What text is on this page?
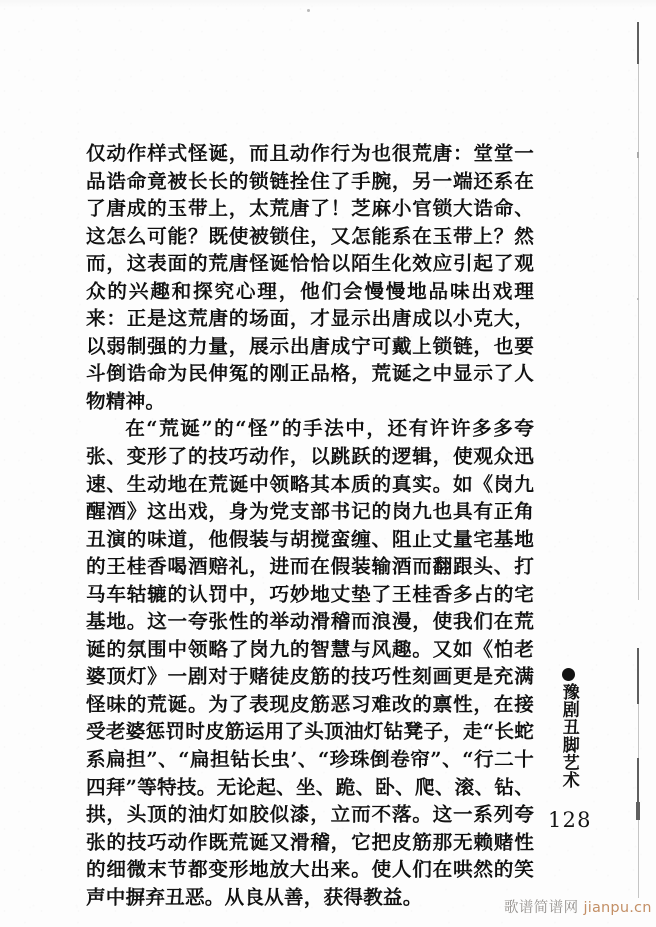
仅动作样式怪诞，而且动作行为也很荒唐：堂堂一品诰命竟被长长的锁链拴住了手腕，另一端还系在了唐成的玉带上，太荒唐了！芝麻小官锁大诰命、这怎么可能？既使被锁住，又怎能系在玉带上？然而，这表面的荒唐怪诞恰恰以陌生化效应引起了观众的兴趣和探究心理，他们会慢慢地品味出戏理来：正是这荒唐的场面，才显示出唐成以小克大，以弱制强的力量，展示出唐成宁可戴上锁链，也要斗倒诰命为民伸冤的刚正品格，荒诞之中显示了人物精神。

在“荒诞”的“怪”的手法中，还有许许多多夸张、变形了的技巧动作，以跳跃的逻辑，使观众迅速、生动地在荒诞中领略其本质的真实。如《岗九醒酒》这出戏，身为党支部书记的岗九也具有正角丑演的味道，他假装与胡搅蛮缠、阻止丈量宅基地的王桂香喝酒赔礼，进而在假装输酒而翻跟头、打马车轱辘的认罚中，巧妙地丈垫了王桂香多占的宅基地。这一夸张性的举动滑稽而浪漫，使我们在荒诞的氛围中领略了岗九的智慧与风趣。又如《怕老婆顶灯》一剧对于赌徒皮筋的技巧性刻画更是充满怪味的荒诞。为了表现皮筋恶习难改的禀性，在接受老婆惩罚时皮筋运用了头顶油灯钻凳子，走“长蛇系扁担”、“扁担钻长虫’、“珍珠倒卷帘”、“行二十四拜”等特技。无论起、坐、跪、卧、爬、滚、钻、拱，头顶的油灯如胶似漆，立而不落。这一系列夸张的技巧动作既荒诞又滑稽，它把皮筋那无赖赌性的细微末节都变形地放大出来。使人们在哄然的笑声中摒弃丑恶。从良从善，获得教益。

豫剧丑脚艺术
128
歌谱简谱网 jianpu.cn
